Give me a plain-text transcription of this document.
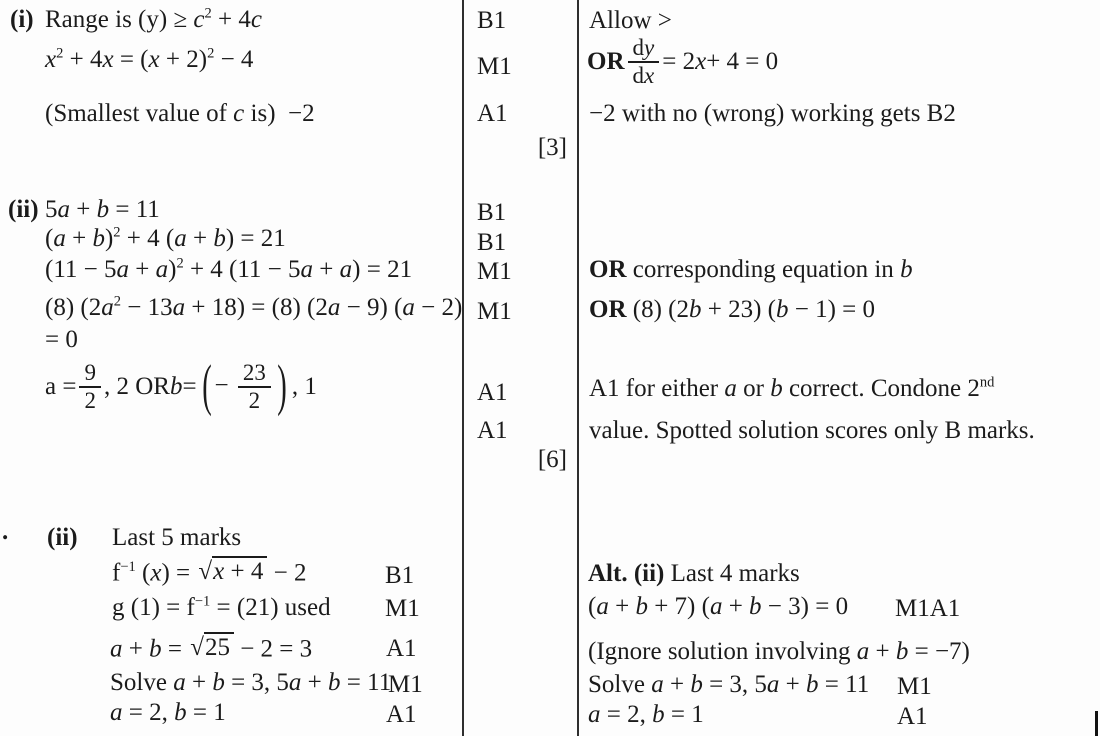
(i) Range is $(y) \ge c^2 + 4c$
$x^2 + 4x = (x + 2)^2 - 4$
(Smallest value of c is)  −2
B1
M1
A1
[3]
Allow >
OR $\frac{dy}{dx} = 2$ x + 4 = 0
−2 with no (wrong) working gets B2
(ii) 5a + b = 11
$(a + b)^2 + 4$ (a + b) = 21
$(11 - 5a + a)^2 + 4$ (11 − 5a + a) = 21
(8) $(2a^2 - 13a + 18) = (8) (2a - 9) (a - 2)$
= 0
$a = \frac{9}{2}$ , 2 OR b = ( − $\frac{23}{2}$ ) , 1
B1
B1
M1
M1
A1
A1
[6]
OR corresponding equation in b
OR (8) (2b + 23) (b − 1) = 0
A1 for either a or b correct. Condone 2nd
value. Spotted solution scores only B marks.
. (ii) Last 5 marks
$f^{-1}$ (x) = √ x + 4 − 2
g $(1) = f^{-1} = (21)$ used
a + b = √ 25 − 2 = 3
Solve a + b = 3, 5a + b = 11
a = 2, b = 1
B1
M1
A1
M1
A1
Alt. (ii) Last 4 marks
(a + b + 7) (a + b − 3) = 0
(Ignore solution involving a + b = −7)
Solve a + b = 3, 5a + b = 11
a = 2, b = 1
M1A1
M1
A1
